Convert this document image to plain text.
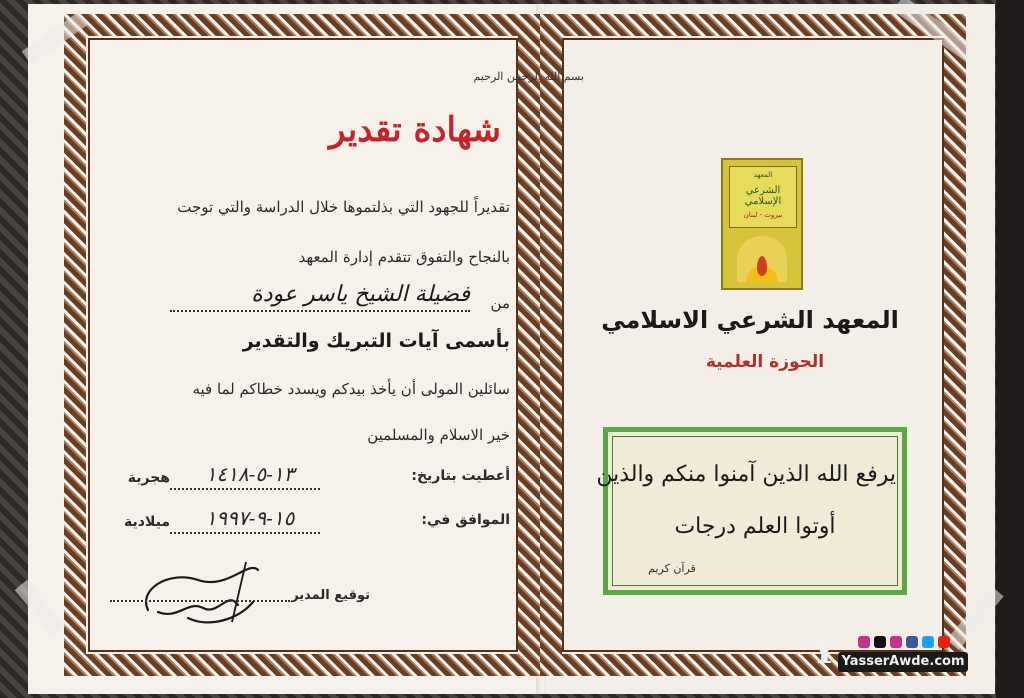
بسم الله الرحمن الرحيم
شهادة تقدير
تقديراً للجهود التي بذلتموها خلال الدراسة والتي توجت
بالنجاح والتفوق تتقدم إدارة المعهد
من
فضيلة الشيخ ياسر عودة
بأسمى آيات التبريك والتقدير
سائلين المولى أن يأخذ بيدكم ويسدد خطاكم لما فيه
خير الاسلام والمسلمين
أعطيت بتاريخ:
١٣-٥-١٤١٨
هجرية
الموافق في:
١٥-٩-١٩٩٧
ميلادية
توقيع المدير
المعهد
الشرعي الإسلامي
بيروت - لبنان
المعهد الشرعي الاسلامي
الحوزة العلمية
يرفع الله الذين آمنوا منكم والذين
أوتوا العلم درجات
قرآن كريم
Y YasserAwde.com
